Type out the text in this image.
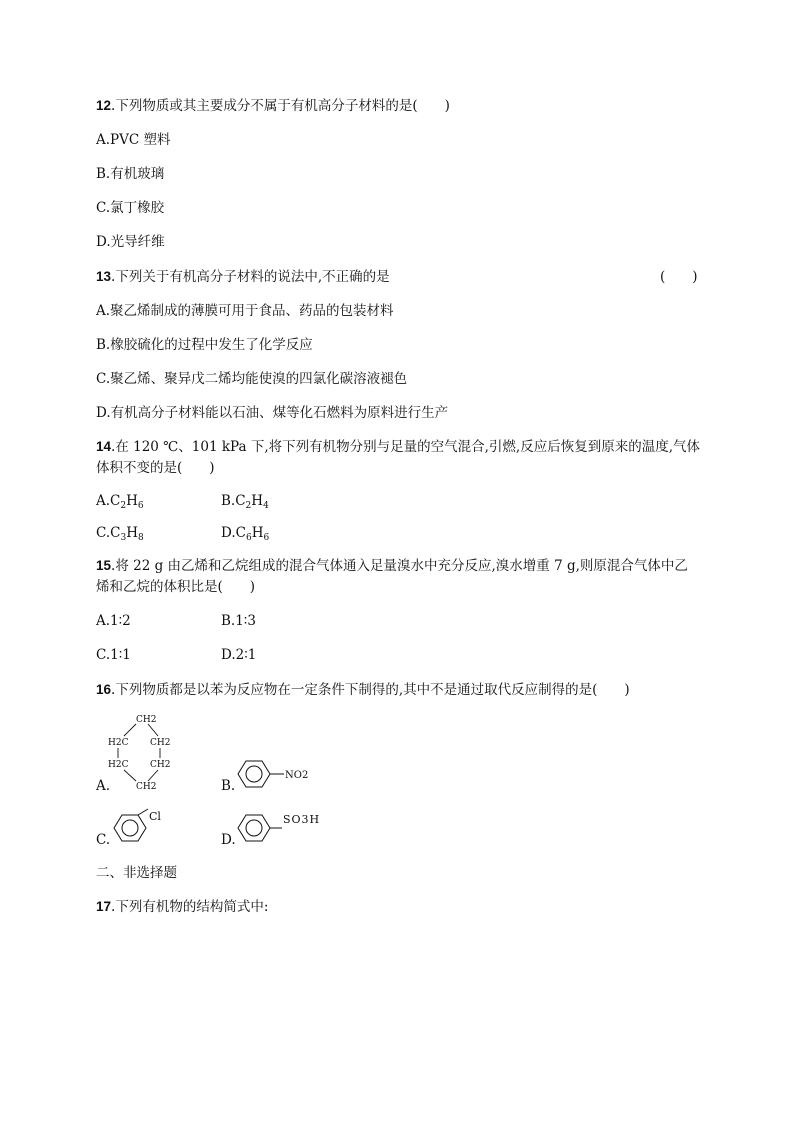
12.下列物质或其主要成分不属于有机高分子材料的是(　　)
A.PVC 塑料
B.有机玻璃
C.氯丁橡胶
D.光导纤维
13.下列关于有机高分子材料的说法中,不正确的是	(　　)
A.聚乙烯制成的薄膜可用于食品、药品的包装材料
B.橡胶硫化的过程中发生了化学反应
C.聚乙烯、聚异戊二烯均能使溴的四氯化碳溶液褪色
D.有机高分子材料能以石油、煤等化石燃料为原料进行生产
14.在 120 ℃、101 kPa 下,将下列有机物分别与足量的空气混合,引燃,反应后恢复到原来的温度,气体
体积不变的是(　　)
$A.C_2H_6$	$B.C_2H_4$
$C.C_3H_8$	$D.C_6H_6$
15.将 22 g 由乙烯和乙烷组成的混合气体通入足量溴水中充分反应,溴水增重 7 g,则原混合气体中乙
烯和乙烷的体积比是(　　)
A.1∶2	B.1∶3
C.1∶1	D.2∶1
16.下列物质都是以苯为反应物在一定条件下制得的,其中不是通过取代反应制得的是(　　)
A.
CH2
H2C CH2
H2C CH2
CH2	B.
NO2
C.
Cl
D.
SO3H
二、非选择题
17.下列有机物的结构简式中:
